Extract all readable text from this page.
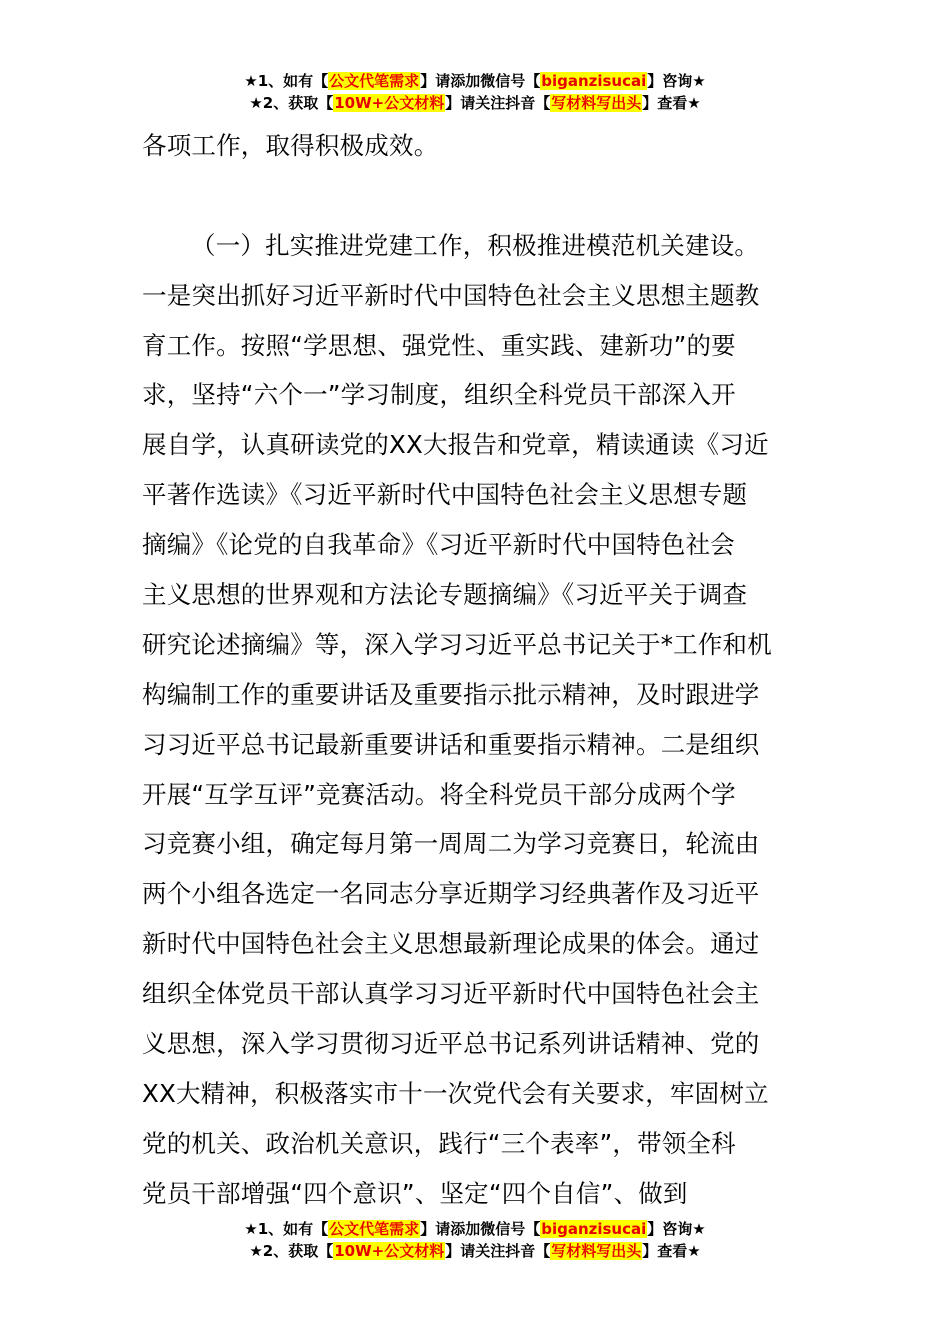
★1、如有【公文代笔需求】请添加微信号【biganzisucai】咨询★
★2、获取【10W+公文材料】请关注抖音【写材料写出头】查看★
各项工作，取得积极成效。
（一）扎实推进党建工作，积极推进模范机关建设。
一是突出抓好习近平新时代中国特色社会主义思想主题教
育工作。按照“学思想、强党性、重实践、建新功”的要
求，坚持“六个一”学习制度，组织全科党员干部深入开
展自学，认真研读党的XX大报告和党章，精读通读《习近
平著作选读》《习近平新时代中国特色社会主义思想专题
摘编》《论党的自我革命》《习近平新时代中国特色社会
主义思想的世界观和方法论专题摘编》《习近平关于调查
研究论述摘编》等，深入学习习近平总书记关于*工作和机
构编制工作的重要讲话及重要指示批示精神，及时跟进学
习习近平总书记最新重要讲话和重要指示精神。二是组织
开展“互学互评”竞赛活动。将全科党员干部分成两个学
习竞赛小组，确定每月第一周周二为学习竞赛日，轮流由
两个小组各选定一名同志分享近期学习经典著作及习近平
新时代中国特色社会主义思想最新理论成果的体会。通过
组织全体党员干部认真学习习近平新时代中国特色社会主
义思想，深入学习贯彻习近平总书记系列讲话精神、党的
XX大精神，积极落实市十一次党代会有关要求，牢固树立
党的机关、政治机关意识，践行“三个表率”，带领全科
党员干部增强“四个意识”、坚定“四个自信”、做到
★1、如有【公文代笔需求】请添加微信号【biganzisucai】咨询★
★2、获取【10W+公文材料】请关注抖音【写材料写出头】查看★
